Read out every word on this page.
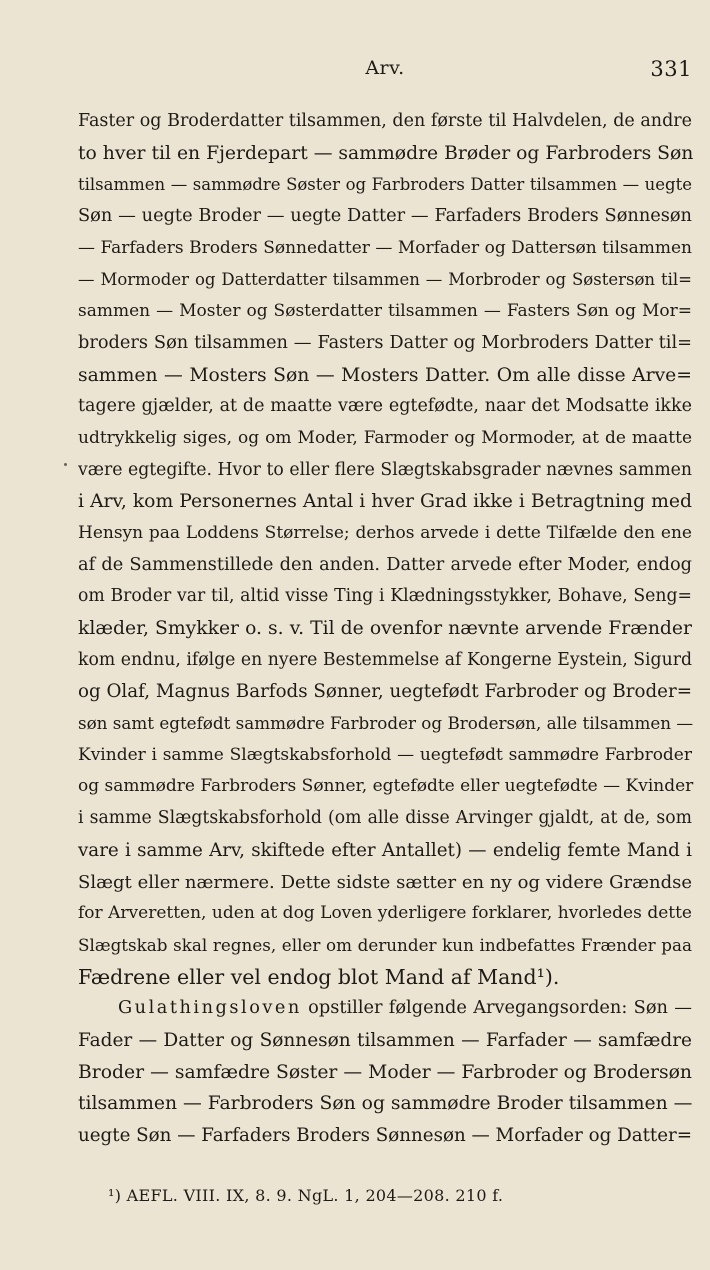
Arv.	331
Faster og Broderdatter tilsammen, den første til Halvdelen, de andre
to hver til en Fjerdepart — sammødre Brøder og Farbroders Søn
tilsammen — sammødre Søster og Farbroders Datter tilsammen — uegte
Søn — uegte Broder — uegte Datter — Farfaders Broders Sønnesøn
— Farfaders Broders Sønnedatter — Morfader og Dattersøn tilsammen
— Mormoder og Datterdatter tilsammen — Morbroder og Søstersøn til=
sammen — Moster og Søsterdatter tilsammen — Fasters Søn og Mor=
broders Søn tilsammen — Fasters Datter og Morbroders Datter til=
sammen — Mosters Søn — Mosters Datter. Om alle disse Arve=
tagere gjælder, at de maatte være egtefødte, naar det Modsatte ikke
udtrykkelig siges, og om Moder, Farmoder og Mormoder, at de maatte
være egtegifte. Hvor to eller flere Slægtskabsgrader nævnes sammen
i Arv, kom Personernes Antal i hver Grad ikke i Betragtning med
Hensyn paa Loddens Størrelse; derhos arvede i dette Tilfælde den ene
af de Sammenstillede den anden. Datter arvede efter Moder, endog
om Broder var til, altid visse Ting i Klædningsstykker, Bohave, Seng=
klæder, Smykker o. s. v. Til de ovenfor nævnte arvende Frænder
kom endnu, ifølge en nyere Bestemmelse af Kongerne Eystein, Sigurd
og Olaf, Magnus Barfods Sønner, uegtefødt Farbroder og Broder=
søn samt egtefødt sammødre Farbroder og Brodersøn, alle tilsammen —
Kvinder i samme Slægtskabsforhold — uegtefødt sammødre Farbroder
og sammødre Farbroders Sønner, egtefødte eller uegtefødte — Kvinder
i samme Slægtskabsforhold (om alle disse Arvinger gjaldt, at de, som
vare i samme Arv, skiftede efter Antallet) — endelig femte Mand i
Slægt eller nærmere. Dette sidste sætter en ny og videre Grændse
for Arveretten, uden at dog Loven yderligere forklarer, hvorledes dette
Slægtskab skal regnes, eller om derunder kun indbefattes Frænder paa
Fædrene eller vel endog blot Mand af Mand¹).
Gulathingsloven opstiller følgende Arvegangsorden: Søn —
Fader — Datter og Sønnesøn tilsammen — Farfader — samfædre
Broder — samfædre Søster — Moder — Farbroder og Brodersøn
tilsammen — Farbroders Søn og sammødre Broder tilsammen —
uegte Søn — Farfaders Broders Sønnesøn — Morfader og Datter=
¹) AEFL. VIII. IX, 8. 9. NgL. 1, 204—208. 210 f.
